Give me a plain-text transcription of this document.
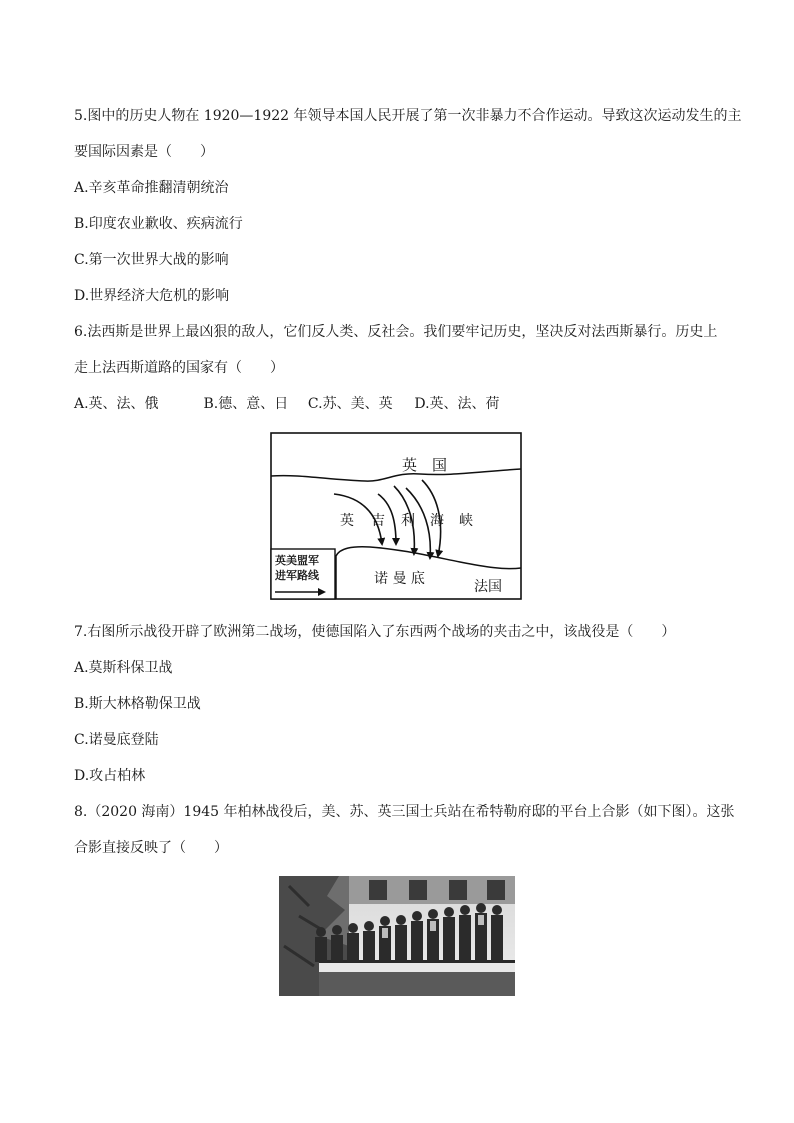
5.图中的历史人物在 1920—1922 年领导本国人民开展了第一次非暴力不合作运动。导致这次运动发生的主
要国际因素是（　　）
A.辛亥革命推翻清朝统治
B.印度农业歉收、疾病流行
C.第一次世界大战的影响
D.世界经济大危机的影响
6.法西斯是世界上最凶狠的敌人，它们反人类、反社会。我们要牢记历史，坚决反对法西斯暴行。历史上
走上法西斯道路的国家有（　　）
A.英、法、俄	B.德、意、日 C.苏、美、英 D.英、法、荷
英　国
英 吉 利 海 峡
诺 曼 底	法国
英美盟军
进军路线
7.右图所示战役开辟了欧洲第二战场，使德国陷入了东西两个战场的夹击之中，该战役是（　　）
A.莫斯科保卫战
B.斯大林格勒保卫战
C.诺曼底登陆
D.攻占柏林
8.（2020 海南）1945 年柏林战役后，美、苏、英三国士兵站在希特勒府邸的平台上合影（如下图）。这张
合影直接反映了（　　）
